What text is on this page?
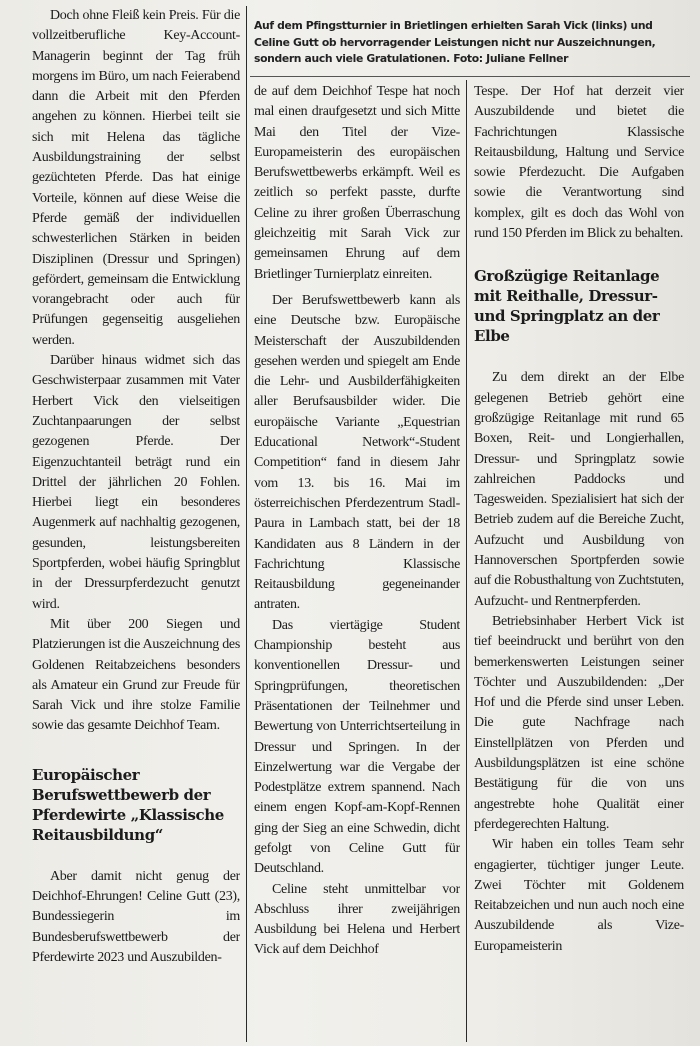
Auf dem Pfingstturnier in Brietlingen erhielten Sarah Vick (links) und Celine Gutt ob hervorragender Leistungen nicht nur Auszeichnungen, sondern auch viele Gratulationen. Foto: Juliane Fellner

Doch ohne Fleiß kein Preis. Für die vollzeitberufliche Key-Account-Managerin beginnt der Tag früh morgens im Büro, um nach Feierabend dann die Arbeit mit den Pferden angehen zu können. Hierbei teilt sie sich mit Helena das tägliche Ausbildungstraining der selbst gezüchteten Pferde. Das hat einige Vorteile, können auf diese Weise die Pferde gemäß der individuellen schwesterlichen Stärken in beiden Disziplinen (Dressur und Springen) gefördert, gemeinsam die Entwicklung vorangebracht oder auch für Prüfungen gegenseitig ausgeliehen werden.

Darüber hinaus widmet sich das Geschwisterpaar zusammen mit Vater Herbert Vick den vielseitigen Zuchtanpaarungen der selbst gezogenen Pferde. Der Eigenzuchtanteil beträgt rund ein Drittel der jährlichen 20 Fohlen. Hierbei liegt ein besonderes Augenmerk auf nachhaltig gezogenen, gesunden, leistungsbereiten Sportpferden, wobei häufig Springblut in der Dressurpferdezucht genutzt wird.

Mit über 200 Siegen und Platzierungen ist die Auszeichnung des Goldenen Reitabzeichens besonders als Amateur ein Grund zur Freude für Sarah Vick und ihre stolze Familie sowie das gesamte Deichhof Team.

Europäischer Berufswettbewerb der Pferdewirte „Klassische Reitausbildung“

Aber damit nicht genug der Deichhof-Ehrungen! Celine Gutt (23), Bundessiegerin im Bundesberufswettbewerb der Pferdewirte 2023 und Auszubilden-

de auf dem Deichhof Tespe hat noch mal einen draufgesetzt und sich Mitte Mai den Titel der Vize-Europameisterin des europäischen Berufswettbewerbs erkämpft. Weil es zeitlich so perfekt passte, durfte Celine zu ihrer großen Überraschung gleichzeitig mit Sarah Vick zur gemeinsamen Ehrung auf dem Brietlinger Turnierplatz einreiten.

Der Berufswettbewerb kann als eine Deutsche bzw. Europäische Meisterschaft der Auszubildenden gesehen werden und spiegelt am Ende die Lehr- und Ausbilderfähigkeiten aller Berufsausbilder wider. Die europäische Variante „Equestrian Educational Network“-Student Competition“ fand in diesem Jahr vom 13. bis 16. Mai im österreichischen Pferdezentrum Stadl-Paura in Lambach statt, bei der 18 Kandidaten aus 8 Ländern in der Fachrichtung Klassische Reitausbildung gegeneinander antraten.

Das viertägige Student Championship besteht aus konventionellen Dressur- und Springprüfungen, theoretischen Präsentationen der Teilnehmer und Bewertung von Unterrichtserteilung in Dressur und Springen. In der Einzelwertung war die Vergabe der Podestplätze extrem spannend. Nach einem engen Kopf-am-Kopf-Rennen ging der Sieg an eine Schwedin, dicht gefolgt von Celine Gutt für Deutschland.

Celine steht unmittelbar vor Abschluss ihrer zweijährigen Ausbildung bei Helena und Herbert Vick auf dem Deichhof

Tespe. Der Hof hat derzeit vier Auszubildende und bietet die Fachrichtungen Klassische Reitausbildung, Haltung und Service sowie Pferdezucht. Die Aufgaben sowie die Verantwortung sind komplex, gilt es doch das Wohl von rund 150 Pferden im Blick zu behalten.

Großzügige Reitanlage mit Reithalle, Dressur- und Springplatz an der Elbe

Zu dem direkt an der Elbe gelegenen Betrieb gehört eine großzügige Reitanlage mit rund 65 Boxen, Reit- und Longierhallen, Dressur- und Springplatz sowie zahlreichen Paddocks und Tagesweiden. Spezialisiert hat sich der Betrieb zudem auf die Bereiche Zucht, Aufzucht und Ausbildung von Hannoverschen Sportpferden sowie auf die Robusthaltung von Zuchtstuten, Aufzucht- und Rentnerpferden.

Betriebsinhaber Herbert Vick ist tief beeindruckt und berührt von den bemerkenswerten Leistungen seiner Töchter und Auszubildenden: „Der Hof und die Pferde sind unser Leben. Die gute Nachfrage nach Einstellplätzen von Pferden und Ausbildungsplätzen ist eine schöne Bestätigung für die von uns angestrebte hohe Qualität einer pferdegerechten Haltung.

Wir haben ein tolles Team sehr engagierter, tüchtiger junger Leute. Zwei Töchter mit Goldenem Reitabzeichen und nun auch noch eine Auszubildende als Vize-Europameisterin
